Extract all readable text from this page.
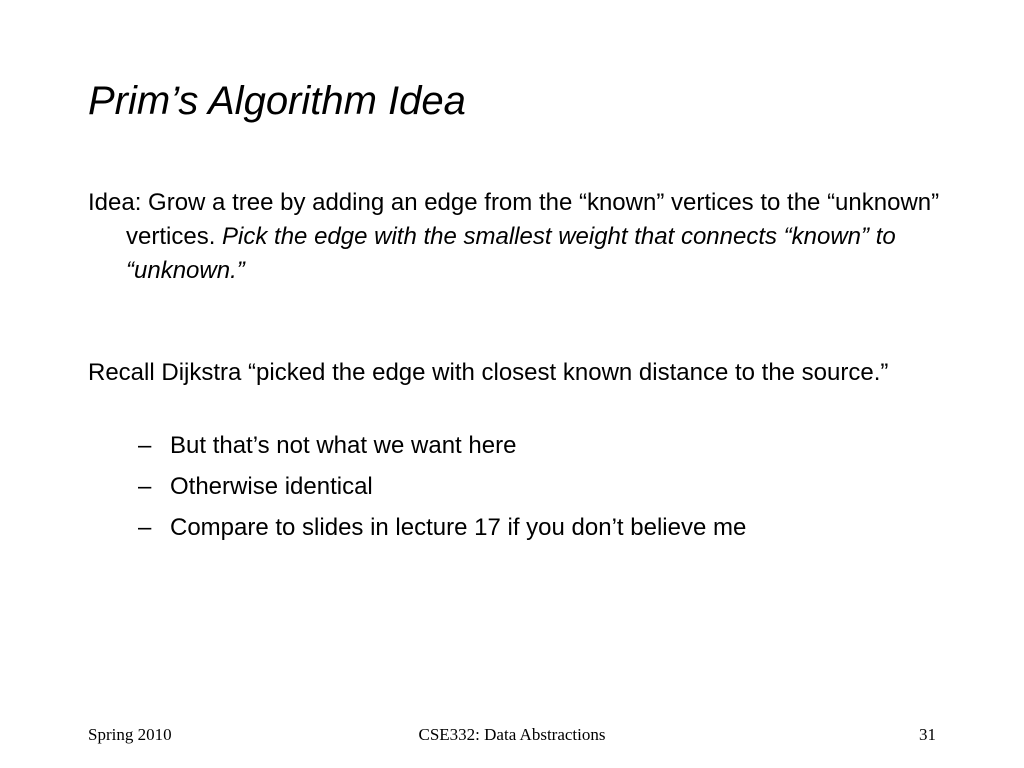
Prim’s Algorithm Idea

Idea: Grow a tree by adding an edge from the “known” vertices to the “unknown” vertices. Pick the edge with the smallest weight that connects “known” to “unknown.”

Recall Dijkstra “picked the edge with closest known distance to the source.”

– But that’s not what we want here
– Otherwise identical
– Compare to slides in lecture 17 if you don’t believe me
Spring 2010	CSE332: Data Abstractions	31
